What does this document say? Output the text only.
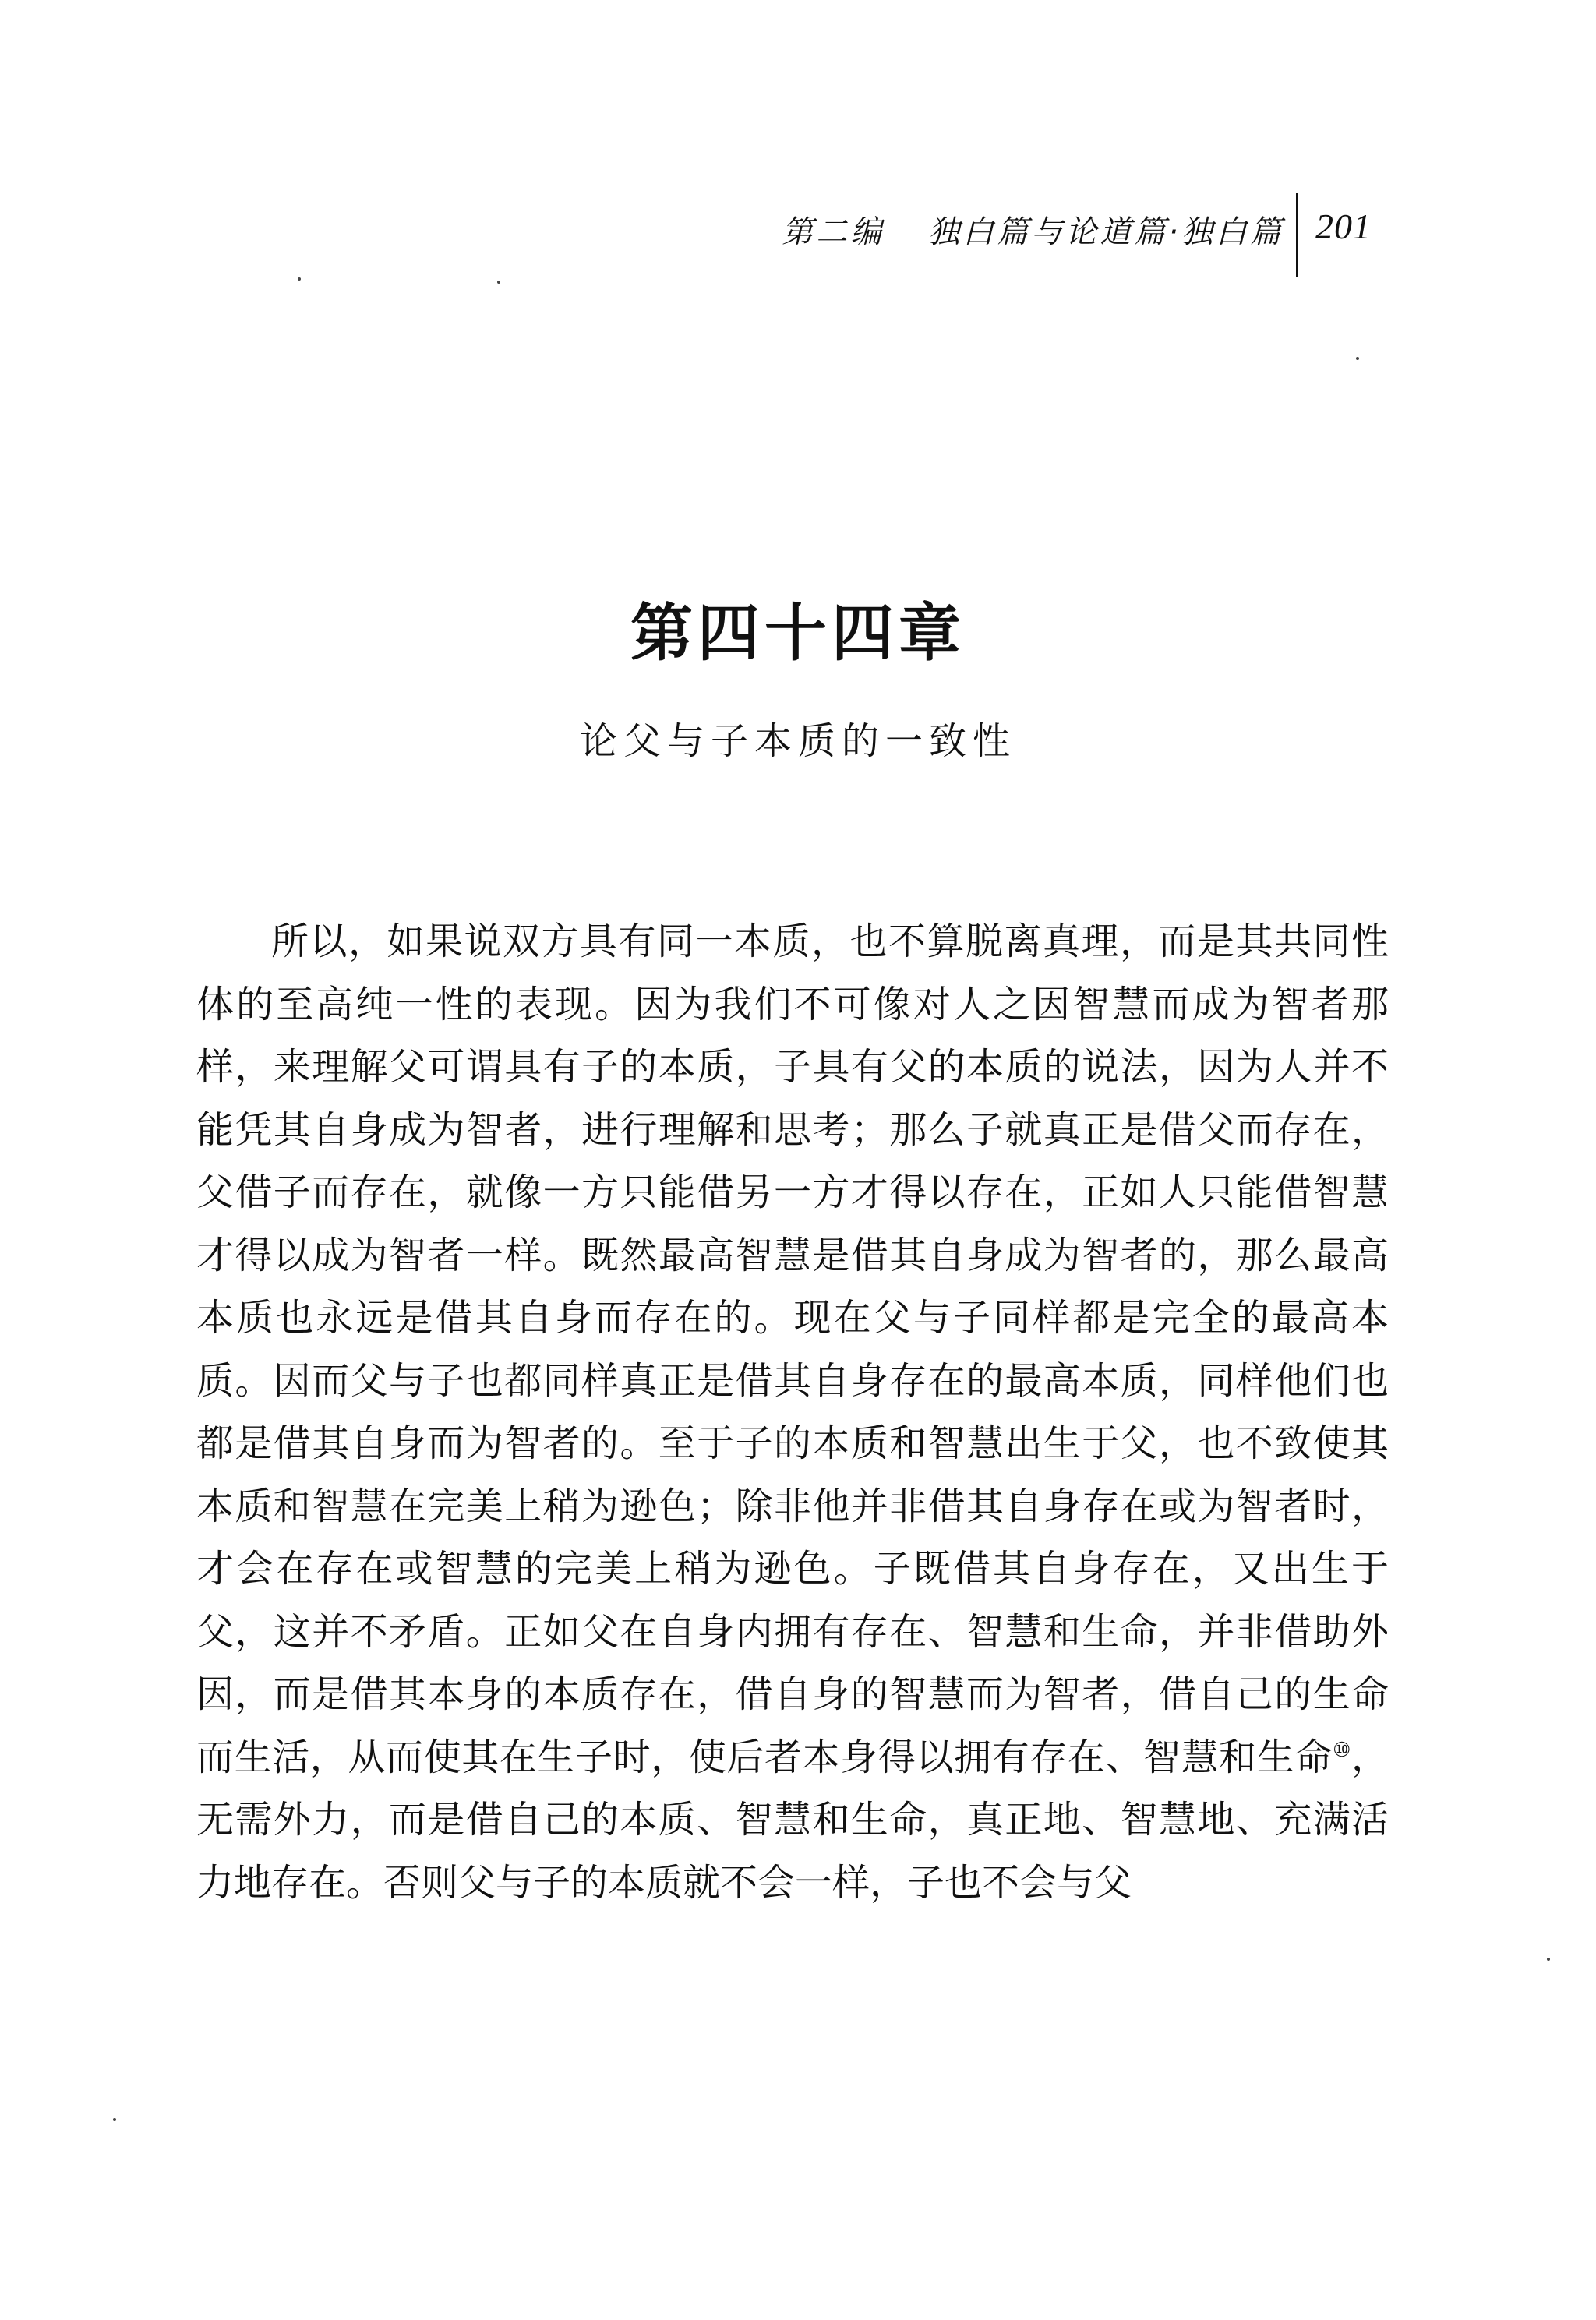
第二编 独白篇与论道篇·独白篇 201
第四十四章
论父与子本质的一致性

所以，如果说双方具有同一本质，也不算脱离真理，而是其共同性体的至高纯一性的表现。因为我们不可像对人之因智慧而成为智者那样，来理解父可谓具有子的本质，子具有父的本质的说法，因为人并不能凭其自身成为智者，进行理解和思考；那么子就真正是借父而存在，父借子而存在，就像一方只能借另一方才得以存在，正如人只能借智慧才得以成为智者一样。既然最高智慧是借其自身成为智者的，那么最高本质也永远是借其自身而存在的。现在父与子同样都是完全的最高本质。因而父与子也都同样真正是借其自身存在的最高本质，同样他们也都是借其自身而为智者的。至于子的本质和智慧出生于父，也不致使其本质和智慧在完美上稍为逊色；除非他并非借其自身存在或为智者时，才会在存在或智慧的完美上稍为逊色。子既借其自身存在，又出生于父，这并不矛盾。正如父在自身内拥有存在、智慧和生命，并非借助外因，而是借其本身的本质存在，借自身的智慧而为智者，借自己的生命而生活，从而使其在生子时，使后者本身得以拥有存在、智慧和生命⑩，无需外力，而是借自己的本质、智慧和生命，真正地、智慧地、充满活力地存在。否则父与子的本质就不会一样，子也不会与父
